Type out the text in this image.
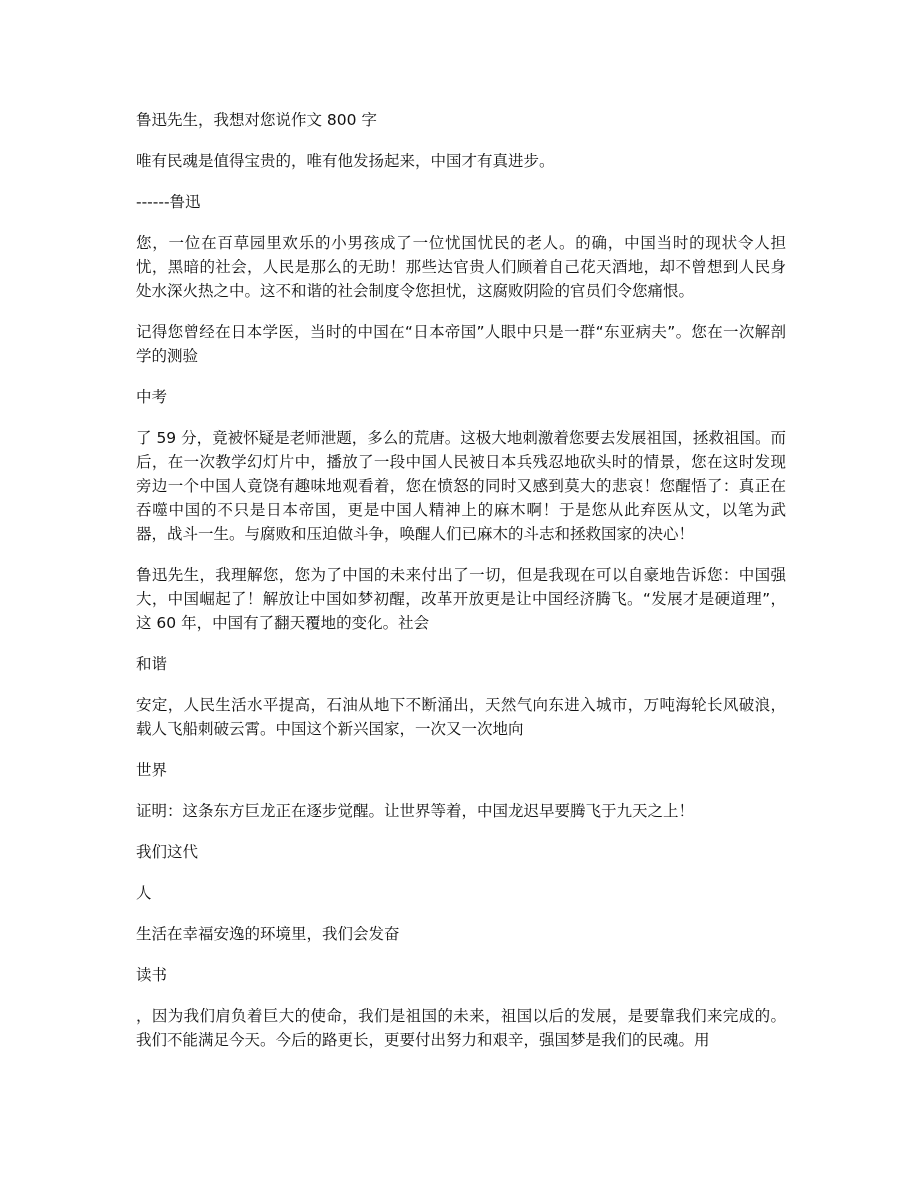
鲁迅先生，我想对您说作文 800 字

唯有民魂是值得宝贵的，唯有他发扬起来，中国才有真进步。

------鲁迅

您，一位在百草园里欢乐的小男孩成了一位忧国忧民的老人。的确，中国当时的现状令人担忧，黑暗的社会，人民是那么的无助！那些达官贵人们顾着自己花天酒地，却不曾想到人民身处水深火热之中。这不和谐的社会制度令您担忧，这腐败阴险的官员们令您痛恨。

记得您曾经在日本学医，当时的中国在“日本帝国”人眼中只是一群“东亚病夫”。您在一次解剖学的测验

中考

了 59 分，竟被怀疑是老师泄题，多么的荒唐。这极大地刺激着您要去发展祖国，拯救祖国。而后，在一次教学幻灯片中，播放了一段中国人民被日本兵残忍地砍头时的情景，您在这时发现旁边一个中国人竟饶有趣味地观看着，您在愤怒的同时又感到莫大的悲哀！您醒悟了：真正在吞噬中国的不只是日本帝国，更是中国人精神上的麻木啊！于是您从此弃医从文，以笔为武器，战斗一生。与腐败和压迫做斗争，唤醒人们已麻木的斗志和拯救国家的决心！

鲁迅先生，我理解您，您为了中国的未来付出了一切，但是我现在可以自豪地告诉您：中国强大，中国崛起了！解放让中国如梦初醒，改革开放更是让中国经济腾飞。“发展才是硬道理”，这 60 年，中国有了翻天覆地的变化。社会

和谐

安定，人民生活水平提高，石油从地下不断涌出，天然气向东进入城市，万吨海轮长风破浪，载人飞船刺破云霄。中国这个新兴国家，一次又一次地向

世界

证明：这条东方巨龙正在逐步觉醒。让世界等着，中国龙迟早要腾飞于九天之上！

我们这代

人

生活在幸福安逸的环境里，我们会发奋

读书

，因为我们肩负着巨大的使命，我们是祖国的未来，祖国以后的发展，是要靠我们来完成的。我们不能满足今天。今后的路更长，更要付出努力和艰辛，强国梦是我们的民魂。用
